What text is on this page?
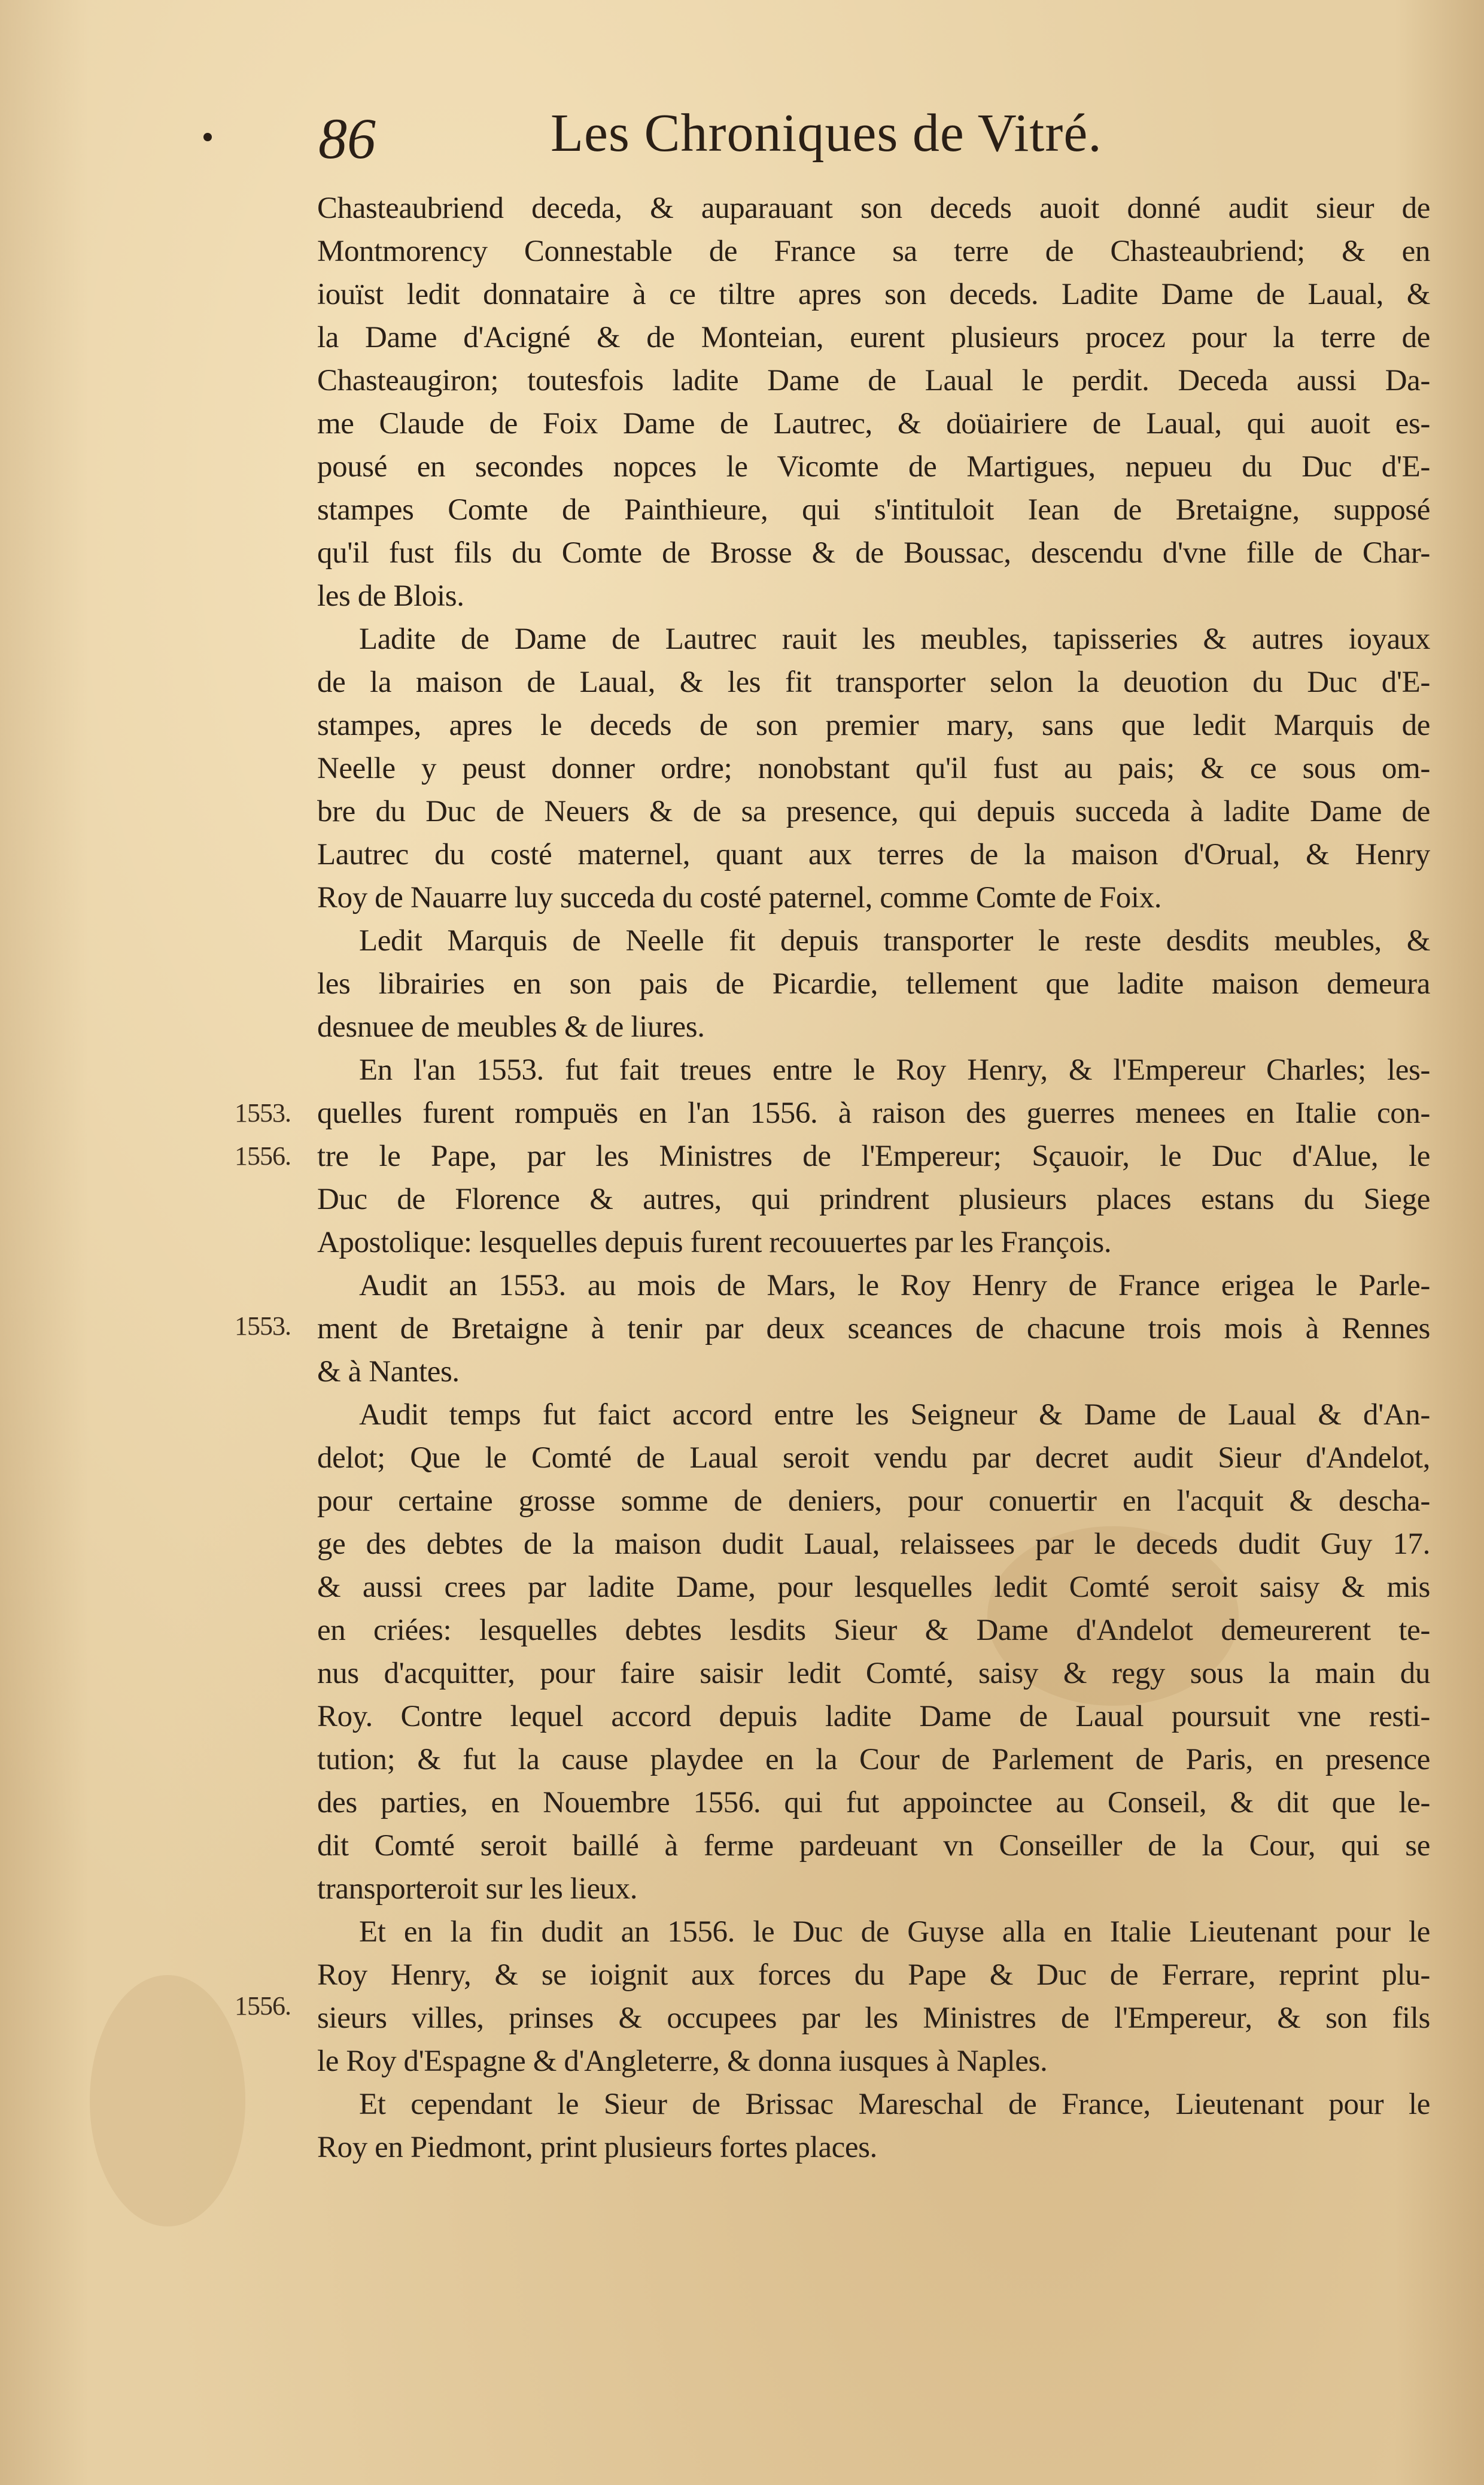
86	Les Chroniques de Vitré.
Chasteaubriend deceda, & auparauant son deceds auoit donné audit sieur de
Montmorency Connestable de France sa terre de Chasteaubriend; & en
iouïst ledit donnataire à ce tiltre apres son deceds. Ladite Dame de Laual, &
la Dame d'Acigné & de Monteian, eurent plusieurs procez pour la terre de
Chasteaugiron; toutesfois ladite Dame de Laual le perdit. Deceda aussi Da-
me Claude de Foix Dame de Lautrec, & doüairiere de Laual, qui auoit es-
pousé en secondes nopces le Vicomte de Martigues, nepueu du Duc d'E-
stampes Comte de Painthieure, qui s'intituloit Iean de Bretaigne, supposé
qu'il fust fils du Comte de Brosse & de Boussac, descendu d'vne fille de Char-
les de Blois.
Ladite de Dame de Lautrec rauit les meubles, tapisseries & autres ioyaux
de la maison de Laual, & les fit transporter selon la deuotion du Duc d'E-
stampes, apres le deceds de son premier mary, sans que ledit Marquis de
Neelle y peust donner ordre; nonobstant qu'il fust au pais; & ce sous om-
bre du Duc de Neuers & de sa presence, qui depuis succeda à ladite Dame de
Lautrec du costé maternel, quant aux terres de la maison d'Orual, & Henry
Roy de Nauarre luy succeda du costé paternel, comme Comte de Foix.
Ledit Marquis de Neelle fit depuis transporter le reste desdits meubles, &
les librairies en son pais de Picardie, tellement que ladite maison demeura
desnuee de meubles & de liures.
En l'an 1553. fut fait treues entre le Roy Henry, & l'Empereur Charles; les-
quelles furent rompuës en l'an 1556. à raison des guerres menees en Italie con-
tre le Pape, par les Ministres de l'Empereur; Sçauoir, le Duc d'Alue, le
Duc de Florence & autres, qui prindrent plusieurs places estans du Siege
Apostolique: lesquelles depuis furent recouuertes par les François.
Audit an 1553. au mois de Mars, le Roy Henry de France erigea le Parle-
ment de Bretaigne à tenir par deux sceances de chacune trois mois à Rennes
& à Nantes.
Audit temps fut faict accord entre les Seigneur & Dame de Laual & d'An-
delot; Que le Comté de Laual seroit vendu par decret audit Sieur d'Andelot,
pour certaine grosse somme de deniers, pour conuertir en l'acquit & descha-
ge des debtes de la maison dudit Laual, relaissees par le deceds dudit Guy 17.
& aussi crees par ladite Dame, pour lesquelles ledit Comté seroit saisy & mis
en criées: lesquelles debtes lesdits Sieur & Dame d'Andelot demeurerent te-
nus d'acquitter, pour faire saisir ledit Comté, saisy & regy sous la main du
Roy. Contre lequel accord depuis ladite Dame de Laual poursuit vne resti-
tution; & fut la cause playdee en la Cour de Parlement de Paris, en presence
des parties, en Nouembre 1556. qui fut appoinctee au Conseil, & dit que le-
dit Comté seroit baillé à ferme pardeuant vn Conseiller de la Cour, qui se
transporteroit sur les lieux.
Et en la fin dudit an 1556. le Duc de Guyse alla en Italie Lieutenant pour le
Roy Henry, & se ioignit aux forces du Pape & Duc de Ferrare, reprint plu-
sieurs villes, prinses & occupees par les Ministres de l'Empereur, & son fils
le Roy d'Espagne & d'Angleterre, & donna iusques à Naples.
Et cependant le Sieur de Brissac Mareschal de France, Lieutenant pour le
Roy en Piedmont, print plusieurs fortes places.
1553.
1556.
1553.
1556.
